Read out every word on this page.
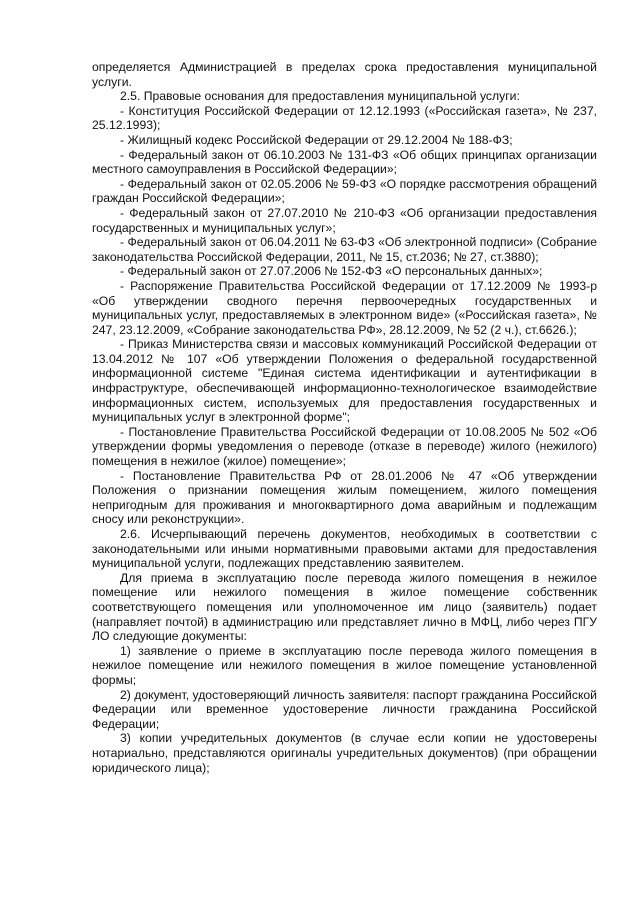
определяется Администрацией в пределах срока предоставления муниципальной услуги.

2.5. Правовые основания для предоставления муниципальной услуги:

- Конституция Российской Федерации от 12.12.1993 («Российская газета», № 237, 25.12.1993);

- Жилищный кодекс Российской Федерации от 29.12.2004 № 188-ФЗ;

- Федеральный закон от 06.10.2003 № 131-ФЗ «Об общих принципах организации местного самоуправления в Российской Федерации»;

- Федеральный закон от 02.05.2006 № 59-ФЗ «О порядке рассмотрения обращений граждан Российской Федерации»;

- Федеральный закон от 27.07.2010 № 210-ФЗ «Об организации предоставления государственных и муниципальных услуг»;

- Федеральный закон от 06.04.2011 № 63-ФЗ «Об электронной подписи» (Собрание законодательства Российской Федерации, 2011, № 15, ст.2036; № 27, ст.3880);

- Федеральный закон от 27.07.2006 № 152-ФЗ «О персональных данных»;

- Распоряжение Правительства Российской Федерации от 17.12.2009 № 1993-р «Об утверждении сводного перечня первоочередных государственных и муниципальных услуг, предоставляемых в электронном виде» («Российская газета», № 247, 23.12.2009, «Собрание законодательства РФ», 28.12.2009, № 52 (2 ч.), ст.6626.);

- Приказ Министерства связи и массовых коммуникаций Российской Федерации от 13.04.2012 № 107 «Об утверждении Положения о федеральной государственной информационной системе "Единая система идентификации и аутентификации в инфраструктуре, обеспечивающей информационно-технологическое взаимодействие информационных систем, используемых для предоставления государственных и муниципальных услуг в электронной форме";

- Постановление Правительства Российской Федерации от 10.08.2005 № 502 «Об утверждении формы уведомления о переводе (отказе в переводе) жилого (нежилого) помещения в нежилое (жилое) помещение»;

- Постановление Правительства РФ от 28.01.2006 № 47 «Об утверждении Положения о признании помещения жилым помещением, жилого помещения непригодным для проживания и многоквартирного дома аварийным и подлежащим сносу или реконструкции».

2.6. Исчерпывающий перечень документов, необходимых в соответствии с законодательными или иными нормативными правовыми актами для предоставления муниципальной услуги, подлежащих представлению заявителем.

Для приема в эксплуатацию после перевода жилого помещения в нежилое помещение или нежилого помещения в жилое помещение собственник соответствующего помещения или уполномоченное им лицо (заявитель) подает (направляет почтой) в администрацию или представляет лично в МФЦ, либо через ПГУ ЛО следующие документы:

1) заявление о приеме в эксплуатацию после перевода жилого помещения в нежилое помещение или нежилого помещения в жилое помещение установленной формы;

2) документ, удостоверяющий личность заявителя: паспорт гражданина Российской Федерации или временное удостоверение личности гражданина Российской Федерации;

3) копии учредительных документов (в случае если копии не удостоверены нотариально, представляются оригиналы учредительных документов) (при обращении юридического лица);
